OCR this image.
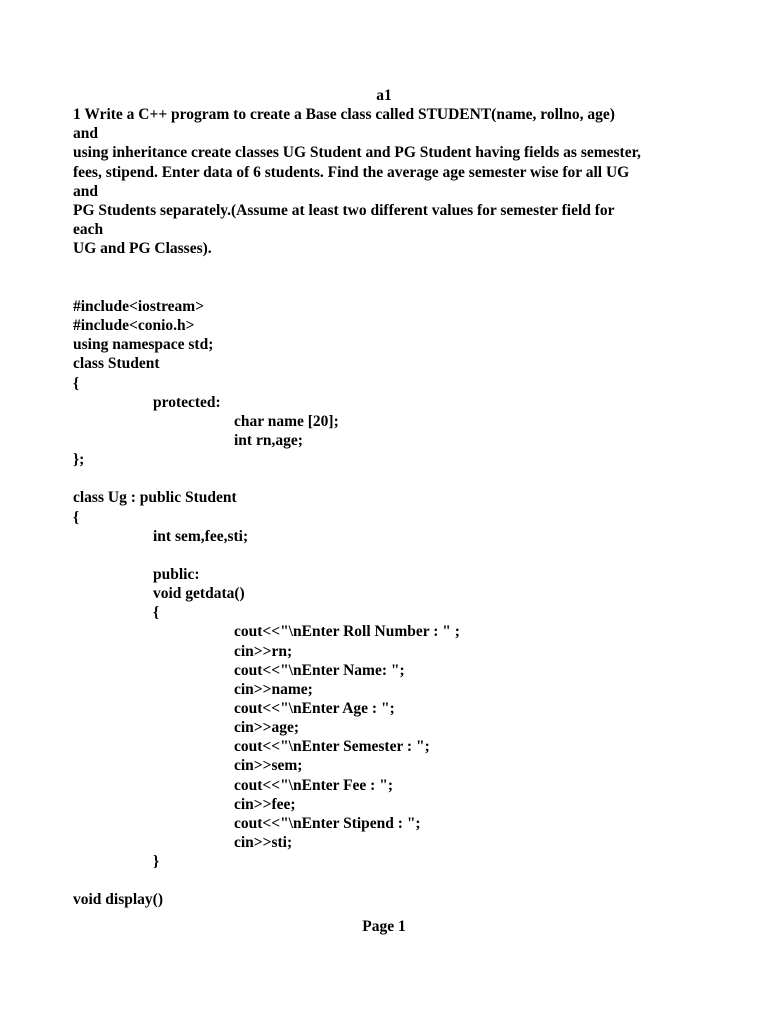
a1
1 Write a C++ program to create a Base class called STUDENT(name, rollno, age)
and
using inheritance create classes UG Student and PG Student having fields as semester,
fees, stipend. Enter data of 6 students. Find the average age semester wise for all UG
and
PG Students separately.(Assume at least two different values for semester field for
each
UG and PG Classes).
#include<iostream>
#include<conio.h>
using namespace std;
class Student
{
protected:
char name [20];
int rn,age;
};
class Ug : public Student
{
int sem,fee,sti;
public:
void getdata()
{
cout<<"\nEnter Roll Number : " ;
cin>>rn;
cout<<"\nEnter Name: ";
cin>>name;
cout<<"\nEnter Age : ";
cin>>age;
cout<<"\nEnter Semester : ";
cin>>sem;
cout<<"\nEnter Fee : ";
cin>>fee;
cout<<"\nEnter Stipend : ";
cin>>sti;
}
void display()
Page 1
